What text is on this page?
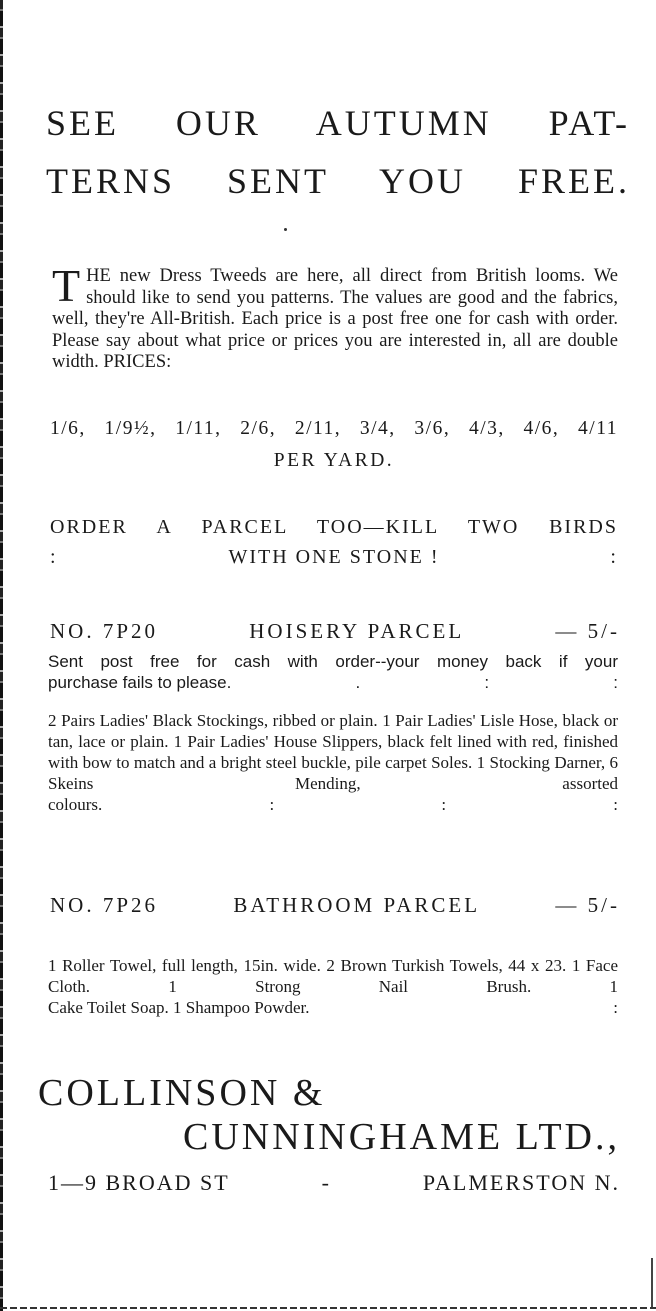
SEE OUR AUTUMN PAT-
TERNS SENT YOU FREE.

THE new Dress Tweeds are here, all direct from British looms. We should like to send you patterns. The values are good and the fabrics, well, they're All-British. Each price is a post free one for cash with order. Please say about what price or prices you are interested in, all are double width. PRICES:

1/6, 1/9½, 1/11, 2/6, 2/11, 3/4, 3/6, 4/3, 4/6, 4/11

PER YARD.

ORDER A PARCEL TOO—KILL TWO BIRDS
:	WITH ONE STONE !	:
NO. 7P20	HOISERY PARCEL	— 5/-
Sent post free for cash with order--your money back if your
purchase fails to please.	.	:	:
2 Pairs Ladies' Black Stockings, ribbed or plain. 1 Pair Ladies' Lisle Hose, black or tan, lace or plain. 1 Pair Ladies' House Slippers, black felt lined with red, finished with bow to match and a bright steel buckle, pile carpet Soles. 1 Stocking Darner, 6 Skeins Mending, assorted
colours.	:	:	:
NO. 7P26	BATHROOM PARCEL	— 5/-
1 Roller Towel, full length, 15in. wide. 2 Brown Turkish Towels, 44 x 23. 1 Face Cloth. 1 Strong Nail Brush. 1
Cake Toilet Soap. 1 Shampoo Powder.	:
COLLINSON &
CUNNINGHAME LTD.,
1—9 BROAD ST	-	PALMERSTON N.
